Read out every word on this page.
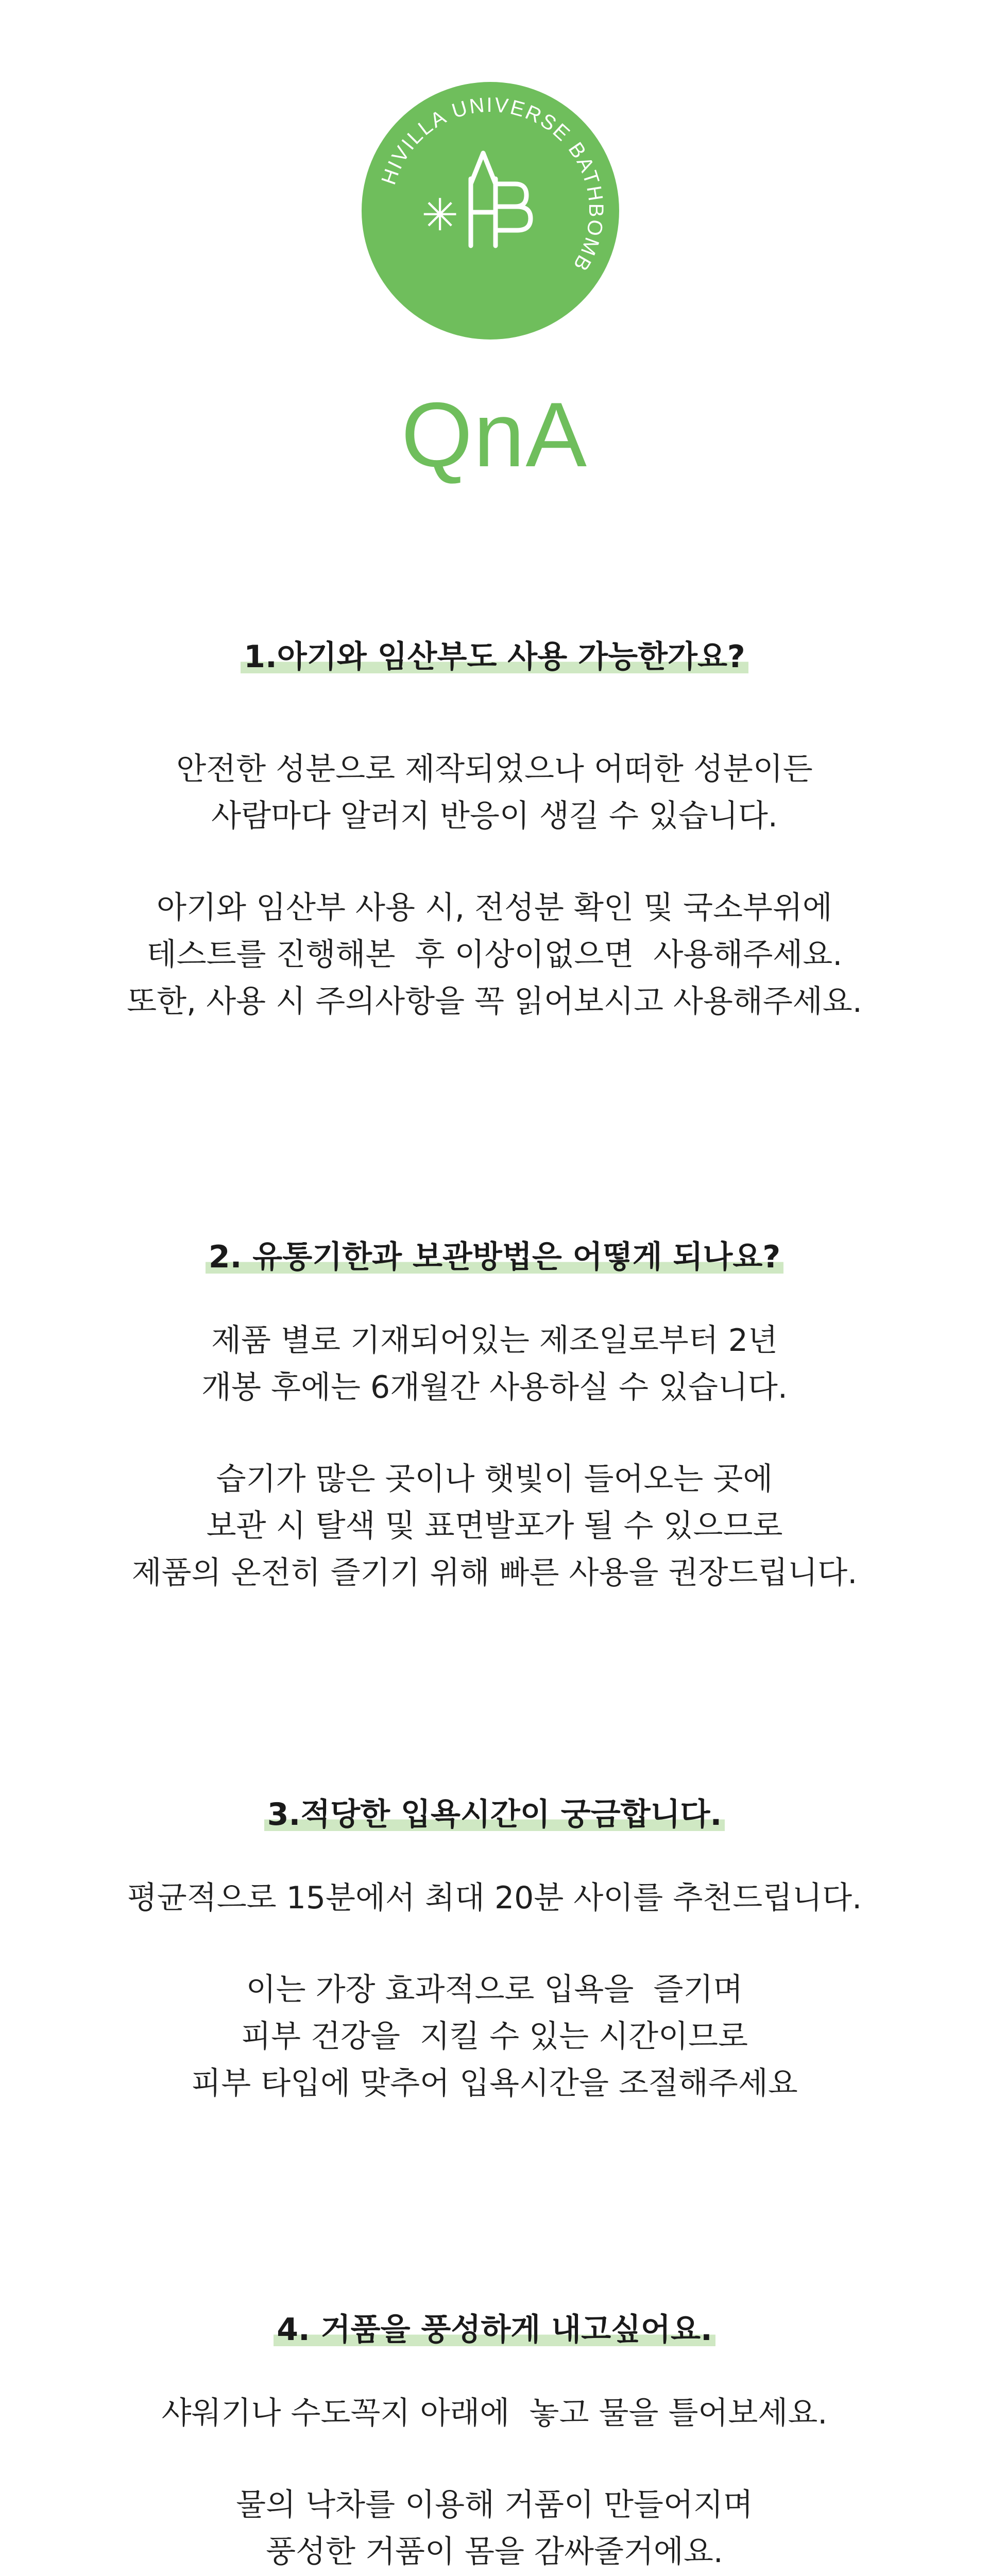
HIVILLA UNIVERSE BATHBOMB
✳
QnA
1.아기와 임산부도 사용 가능한가요?
안전한 성분으로 제작되었으나 어떠한 성분이든
사람마다 알러지 반응이 생길 수 있습니다.
아기와 임산부 사용 시, 전성분 확인 및 국소부위에
테스트를 진행해본  후 이상이없으면  사용해주세요.
또한, 사용 시 주의사항을 꼭 읽어보시고 사용해주세요.
2. 유통기한과 보관방법은 어떻게 되나요?
제품 별로 기재되어있는 제조일로부터 2년
개봉 후에는 6개월간 사용하실 수 있습니다.
습기가 많은 곳이나 햇빛이 들어오는 곳에
보관 시 탈색 및 표면발포가 될 수 있으므로
제품의 온전히 즐기기 위해 빠른 사용을 권장드립니다.
3.적당한 입욕시간이 궁금합니다.
평균적으로 15분에서 최대 20분 사이를 추천드립니다.
이는 가장 효과적으로 입욕을  즐기며
피부 건강을  지킬 수 있는 시간이므로
피부 타입에 맞추어 입욕시간을 조절해주세요
4. 거품을 풍성하게 내고싶어요.
샤워기나 수도꼭지 아래에  놓고 물을 틀어보세요.
물의 낙차를 이용해 거품이 만들어지며
풍성한 거품이 몸을 감싸줄거에요.
